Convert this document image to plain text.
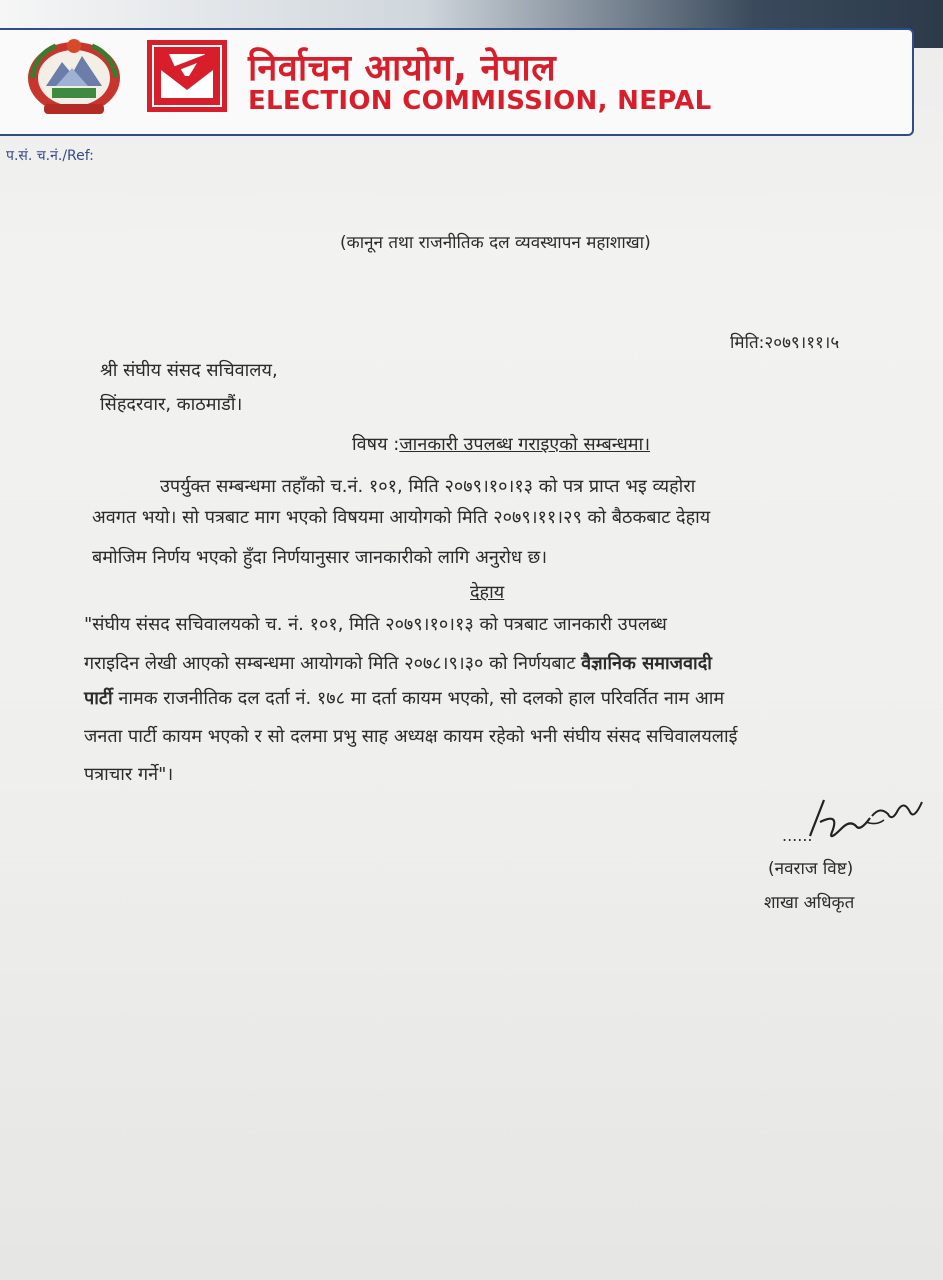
निर्वाचन आयोग, नेपाल
ELECTION COMMISSION, NEPAL
प.सं. च.नं./Ref:
(कानून तथा राजनीतिक दल व्यवस्थापन महाशाखा)
मिति:२०७९।११।५
श्री संघीय संसद सचिवालय,
सिंहदरवार, काठमाडौं।
विषय :जानकारी उपलब्ध गराइएको सम्बन्धमा।
उपर्युक्त सम्बन्धमा तहाँको च.नं. १०१, मिति २०७९।१०।१३ को पत्र प्राप्त भइ व्यहोरा
अवगत भयो। सो पत्रबाट माग भएको विषयमा आयोगको मिति २०७९।११।२९ को बैठकबाट देहाय
बमोजिम निर्णय भएको हुँदा निर्णयानुसार जानकारीको लागि अनुरोध छ।
देहाय
"संघीय संसद सचिवालयको च. नं. १०१, मिति २०७९।१०।१३ को पत्रबाट जानकारी उपलब्ध
गराइदिन लेखी आएको सम्बन्धमा आयोगको मिति २०७८।९।३० को निर्णयबाट वैज्ञानिक समाजवादी
पार्टी नामक राजनीतिक दल दर्ता नं. १७८ मा दर्ता कायम भएको, सो दलको हाल परिवर्तित नाम आम
जनता पार्टी कायम भएको र सो दलमा प्रभु साह अध्यक्ष कायम रहेको भनी संघीय संसद सचिवालयलाई
पत्राचार गर्ने"।
......
(नवराज विष्ट)
शाखा अधिकृत
